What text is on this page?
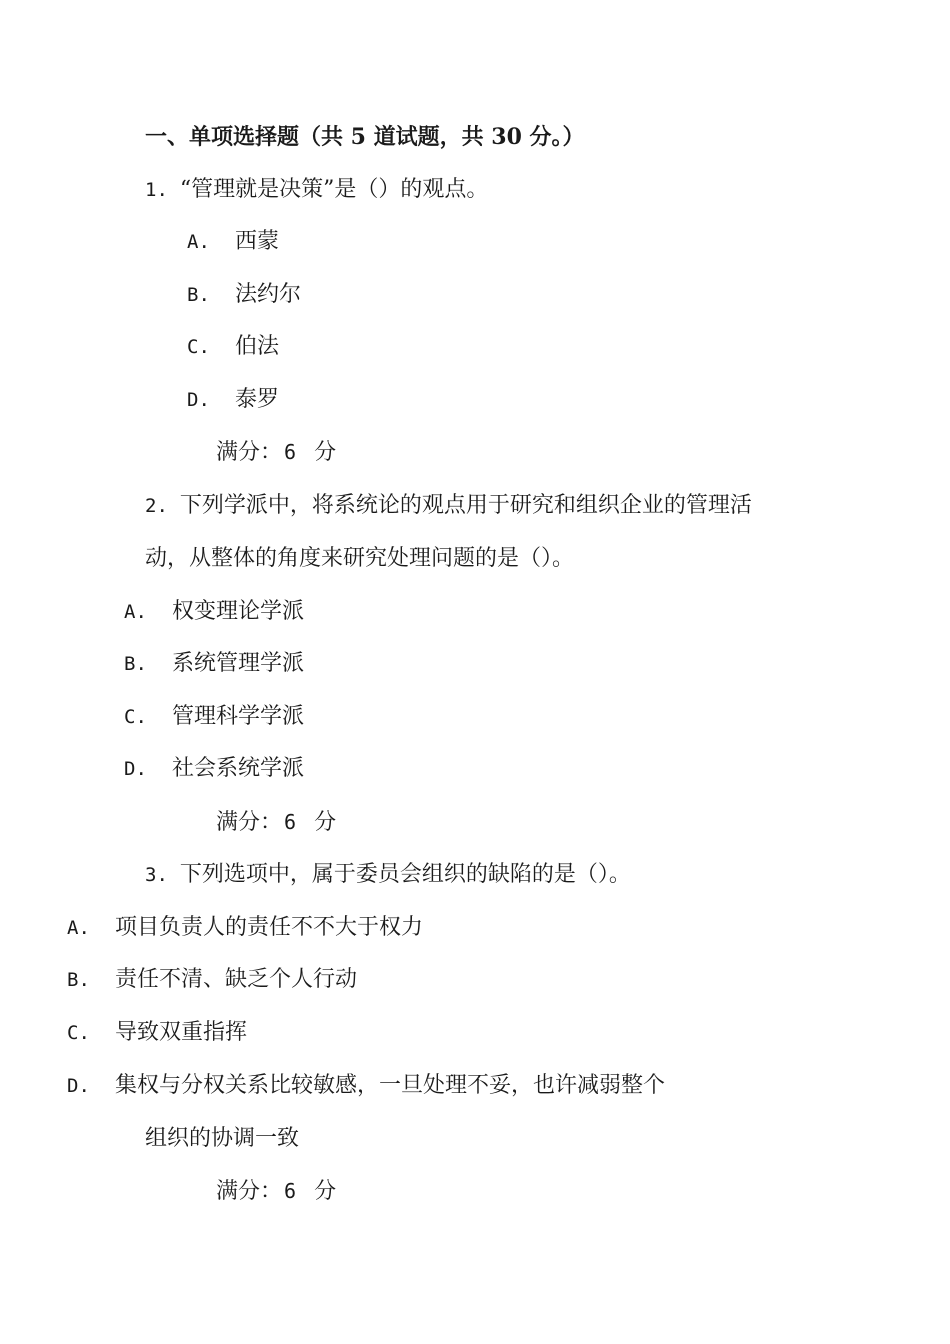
一、单项选择题（共 5 道试题，共 30 分。）
1. “管理就是决策”是（）的观点。
A. 西蒙
B. 法约尔
C. 伯法
D. 泰罗
满分： 6 分
2. 下列学派中，将系统论的观点用于研究和组织企业的管理活
动，从整体的角度来研究处理问题的是（）。
A. 权变理论学派
B. 系统管理学派
C. 管理科学学派
D. 社会系统学派
满分： 6 分
3. 下列选项中，属于委员会组织的缺陷的是（）。
A. 项目负责人的责任不不大于权力
B. 责任不清、缺乏个人行动
C. 导致双重指挥
D. 集权与分权关系比较敏感，一旦处理不妥，也许减弱整个
组织的协调一致
满分： 6 分
